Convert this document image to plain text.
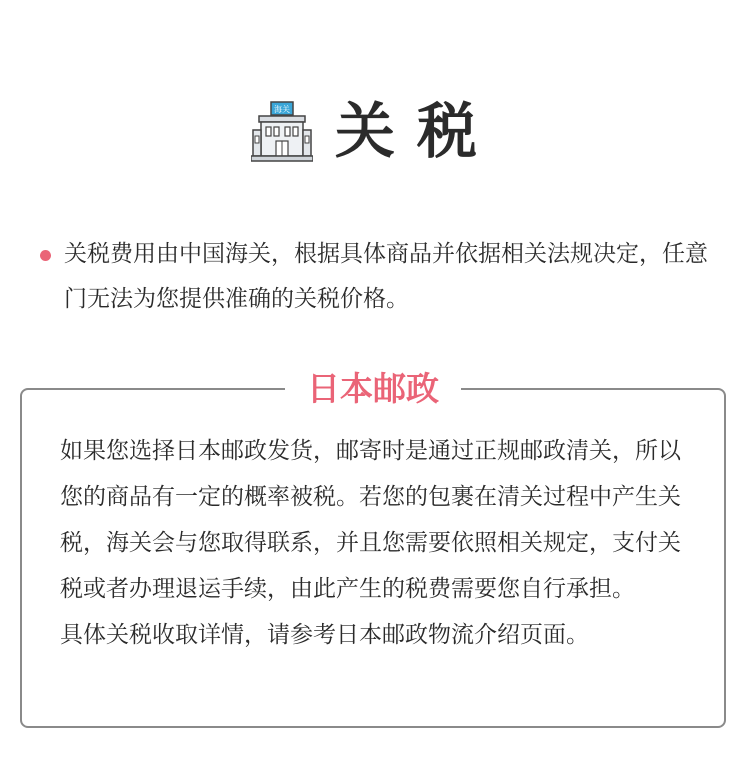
海关 关税

关税费用由中国海关，根据具体商品并依据相关法规决定，任意门无法为您提供准确的关税价格。

日本邮政

如果您选择日本邮政发货，邮寄时是通过正规邮政清关，所以您的商品有一定的概率被税。若您的包裹在清关过程中产生关税，海关会与您取得联系，并且您需要依照相关规定，支付关税或者办理退运手续，由此产生的税费需要您自行承担。

具体关税收取详情，请参考日本邮政物流介绍页面。
